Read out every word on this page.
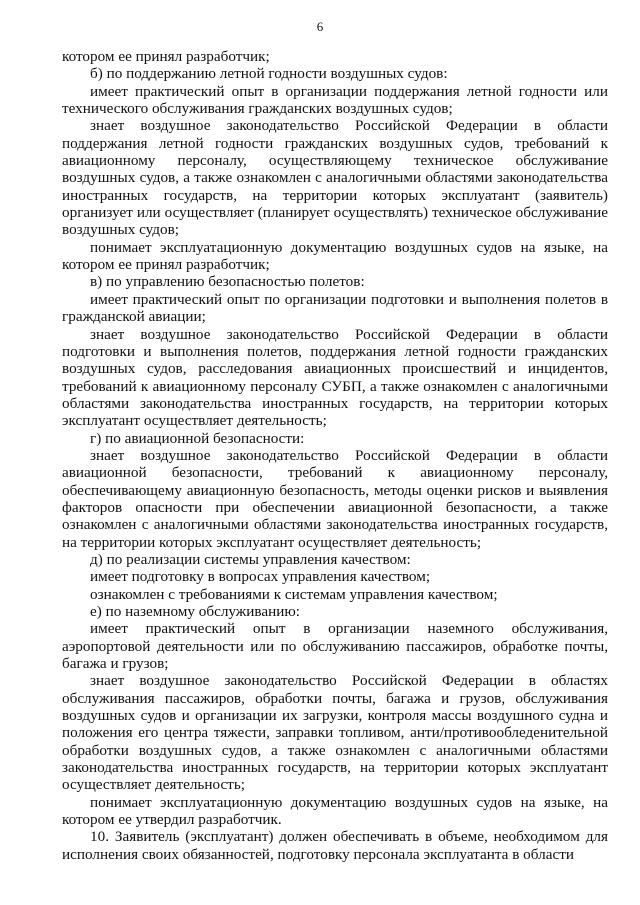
6

котором ее принял разработчик;

б) по поддержанию летной годности воздушных судов:

имеет практический опыт в организации поддержания летной годности или технического обслуживания гражданских воздушных судов;

знает воздушное законодательство Российской Федерации в области поддержания летной годности гражданских воздушных судов, требований к авиационному персоналу, осуществляющему техническое обслуживание воздушных судов, а также ознакомлен с аналогичными областями законодательства иностранных государств, на территории которых эксплуатант (заявитель) организует или осуществляет (планирует осуществлять) техническое обслуживание воздушных судов;

понимает эксплуатационную документацию воздушных судов на языке, на котором ее принял разработчик;

в) по управлению безопасностью полетов:

имеет практический опыт по организации подготовки и выполнения полетов в гражданской авиации;

знает воздушное законодательство Российской Федерации в области подготовки и выполнения полетов, поддержания летной годности гражданских воздушных судов, расследования авиационных происшествий и инцидентов, требований к авиационному персоналу СУБП, а также ознакомлен с аналогичными областями законодательства иностранных государств, на территории которых эксплуатант осуществляет деятельность;

г) по авиационной безопасности:

знает воздушное законодательство Российской Федерации в области авиационной безопасности, требований к авиационному персоналу, обеспечивающему авиационную безопасность, методы оценки рисков и выявления факторов опасности при обеспечении авиационной безопасности, а также ознакомлен с аналогичными областями законодательства иностранных государств, на территории которых эксплуатант осуществляет деятельность;

д) по реализации системы управления качеством:

имеет подготовку в вопросах управления качеством;

ознакомлен с требованиями к системам управления качеством;

е) по наземному обслуживанию:

имеет практический опыт в организации наземного обслуживания, аэропортовой деятельности или по обслуживанию пассажиров, обработке почты, багажа и грузов;

знает воздушное законодательство Российской Федерации в областях обслуживания пассажиров, обработки почты, багажа и грузов, обслуживания воздушных судов и организации их загрузки, контроля массы воздушного судна и положения его центра тяжести, заправки топливом, анти/противообледенительной обработки воздушных судов, а также ознакомлен с аналогичными областями законодательства иностранных государств, на территории которых эксплуатант осуществляет деятельность;

понимает эксплуатационную документацию воздушных судов на языке, на котором ее утвердил разработчик.

10. Заявитель (эксплуатант) должен обеспечивать в объеме, необходимом для исполнения своих обязанностей, подготовку персонала эксплуатанта в области
